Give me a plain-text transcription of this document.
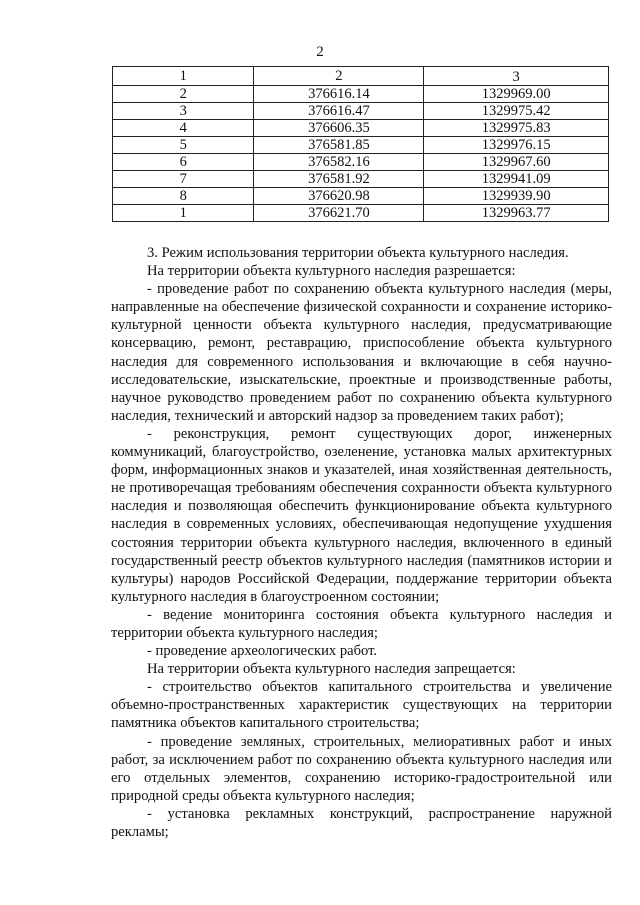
2
1	2	3
2	376616.14	1329969.00
3	376616.47	1329975.42
4	376606.35	1329975.83
5	376581.85	1329976.15
6	376582.16	1329967.60
7	376581.92	1329941.09
8	376620.98	1329939.90
1	376621.70	1329963.77

3. Режим использования территории объекта культурного наследия.

На территории объекта культурного наследия разрешается:

- проведение работ по сохранению объекта культурного наследия (меры, направленные на обеспечение физической сохранности и сохранение историко-культурной ценности объекта культурного наследия, предусматривающие консервацию, ремонт, реставрацию, приспособление объекта культурного наследия для современного использования и включающие в себя научно-исследовательские, изыскательские, проектные и производственные работы, научное руководство проведением работ по сохранению объекта культурного наследия, технический и авторский надзор за проведением таких работ);

- реконструкция, ремонт существующих дорог, инженерных коммуникаций, благоустройство, озеленение, установка малых архитектурных форм, информационных знаков и указателей, иная хозяйственная деятельность, не противоречащая требованиям обеспечения сохранности объекта культурного наследия и позволяющая обеспечить функционирование объекта культурного наследия в современных условиях, обеспечивающая недопущение ухудшения состояния территории объекта культурного наследия, включенного в единый государственный реестр объектов культурного наследия (памятников истории и культуры) народов Российской Федерации, поддержание территории объекта культурного наследия в благоустроенном состоянии;

- ведение мониторинга состояния объекта культурного наследия и территории объекта культурного наследия;

- проведение археологических работ.

На территории объекта культурного наследия запрещается:

- строительство объектов капитального строительства и увеличение объемно-пространственных характеристик существующих на территории памятника объектов капитального строительства;

- проведение земляных, строительных, мелиоративных работ и иных работ, за исключением работ по сохранению объекта культурного наследия или его отдельных элементов, сохранению историко-градостроительной или природной среды объекта культурного наследия;

- установка рекламных конструкций, распространение наружной рекламы;
